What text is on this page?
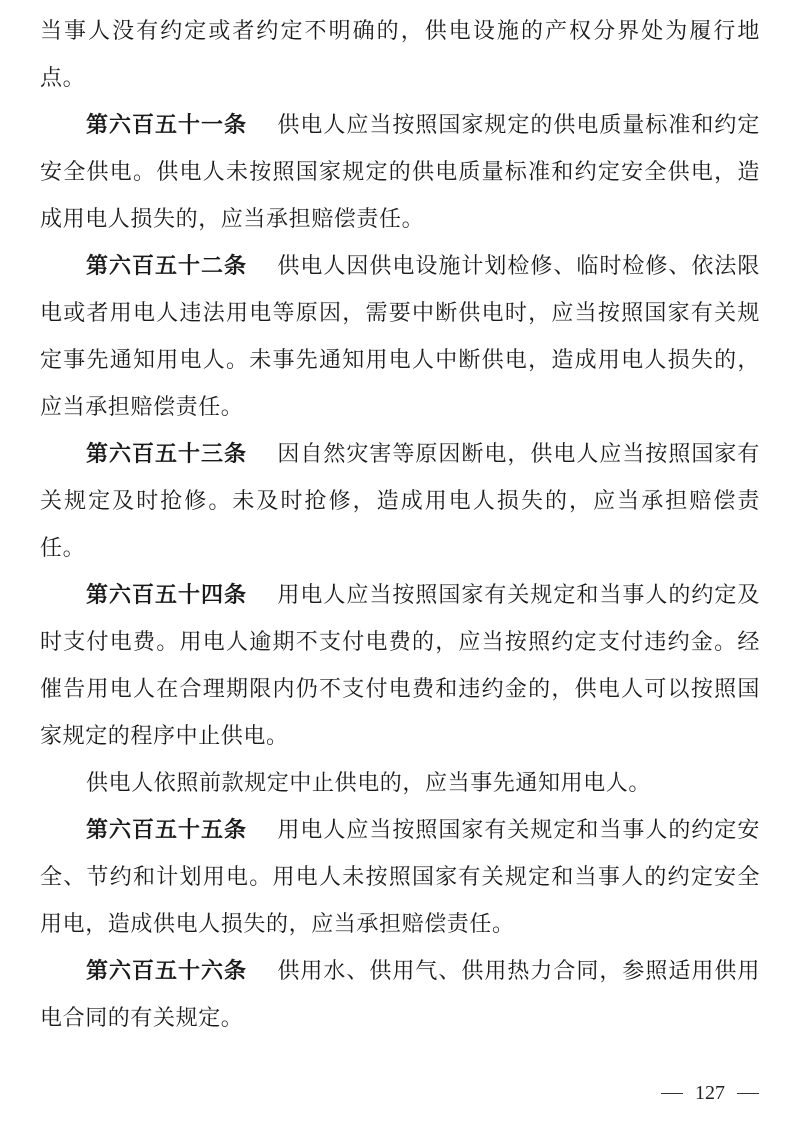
当事人没有约定或者约定不明确的，供电设施的产权分界处为履行地点。

第六百五十一条 供电人应当按照国家规定的供电质量标准和约定安全供电。供电人未按照国家规定的供电质量标准和约定安全供电，造成用电人损失的，应当承担赔偿责任。

第六百五十二条 供电人因供电设施计划检修、临时检修、依法限电或者用电人违法用电等原因，需要中断供电时，应当按照国家有关规定事先通知用电人。未事先通知用电人中断供电，造成用电人损失的，应当承担赔偿责任。

第六百五十三条 因自然灾害等原因断电，供电人应当按照国家有关规定及时抢修。未及时抢修，造成用电人损失的，应当承担赔偿责任。

第六百五十四条 用电人应当按照国家有关规定和当事人的约定及时支付电费。用电人逾期不支付电费的，应当按照约定支付违约金。经催告用电人在合理期限内仍不支付电费和违约金的，供电人可以按照国家规定的程序中止供电。

供电人依照前款规定中止供电的，应当事先通知用电人。

第六百五十五条 用电人应当按照国家有关规定和当事人的约定安全、节约和计划用电。用电人未按照国家有关规定和当事人的约定安全用电，造成供电人损失的，应当承担赔偿责任。

第六百五十六条 供用水、供用气、供用热力合同，参照适用供用电合同的有关规定。

127
